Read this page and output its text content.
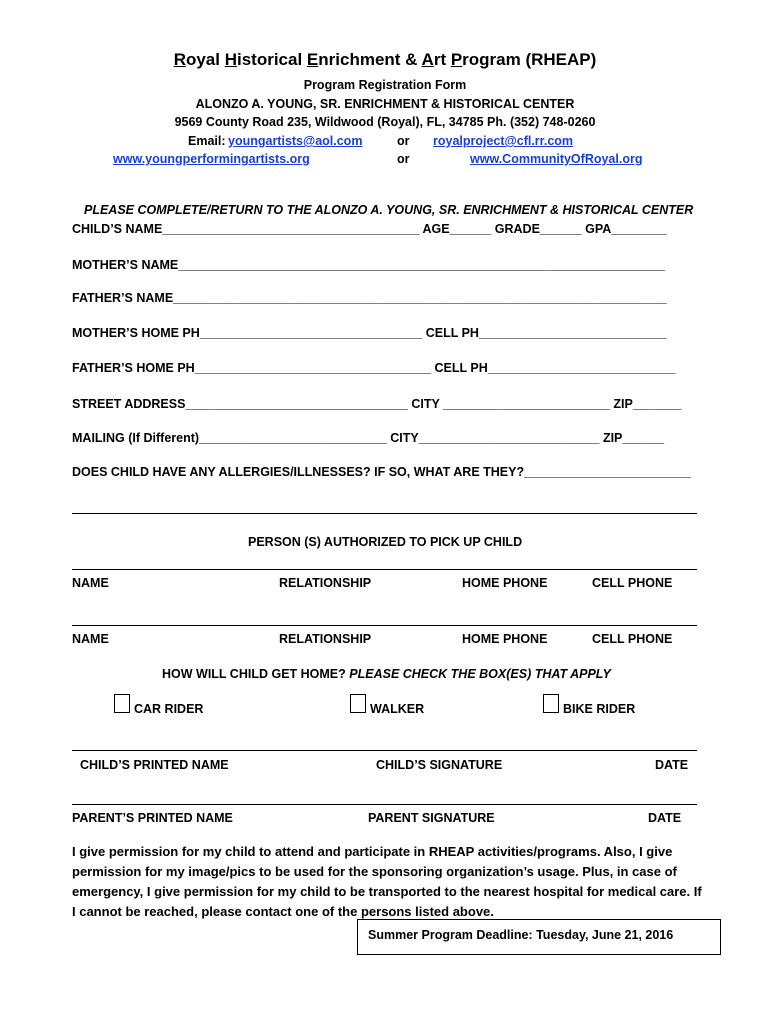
Royal Historical Enrichment & Art Program (RHEAP)
Program Registration Form
ALONZO A. YOUNG, SR. ENRICHMENT & HISTORICAL CENTER
9569 County Road 235, Wildwood (Royal), FL, 34785 Ph. (352) 748-0260
Email: youngartists@aol.com	or royalproject@cfl.rr.com
www.youngperformingartists.org	or	www.CommunityOfRoyal.org
PLEASE COMPLETE/RETURN TO THE ALONZO A. YOUNG, SR. ENRICHMENT & HISTORICAL CENTER
CHILD’S NAME_____________________________________ AGE______ GRADE______ GPA________
MOTHER’S NAME______________________________________________________________________
FATHER’S NAME_______________________________________________________________________
MOTHER’S HOME PH________________________________ CELL PH___________________________
FATHER’S HOME PH__________________________________ CELL PH___________________________
STREET ADDRESS________________________________ CITY ________________________ ZIP_______
MAILING (If Different)___________________________ CITY__________________________ ZIP______
DOES CHILD HAVE ANY ALLERGIES/ILLNESSES? IF SO, WHAT ARE THEY?________________________
PERSON (S) AUTHORIZED TO PICK UP CHILD
NAME	RELATIONSHIP	HOME PHONE	CELL PHONE
NAME	RELATIONSHIP	HOME PHONE	CELL PHONE
HOW WILL CHILD GET HOME? PLEASE CHECK THE BOX(ES) THAT APPLY
CAR RIDER	WALKER	BIKE RIDER
CHILD’S PRINTED NAME	CHILD’S SIGNATURE	DATE
PARENT’S PRINTED NAME	PARENT SIGNATURE	DATE
I give permission for my child to attend and participate in RHEAP activities/programs. Also, I give permission for my image/pics to be used for the sponsoring organization’s usage. Plus, in case of emergency, I give permission for my child to be transported to the nearest hospital for medical care. If I cannot be reached, please contact one of the persons listed above.
Summer Program Deadline: Tuesday, June 21, 2016
